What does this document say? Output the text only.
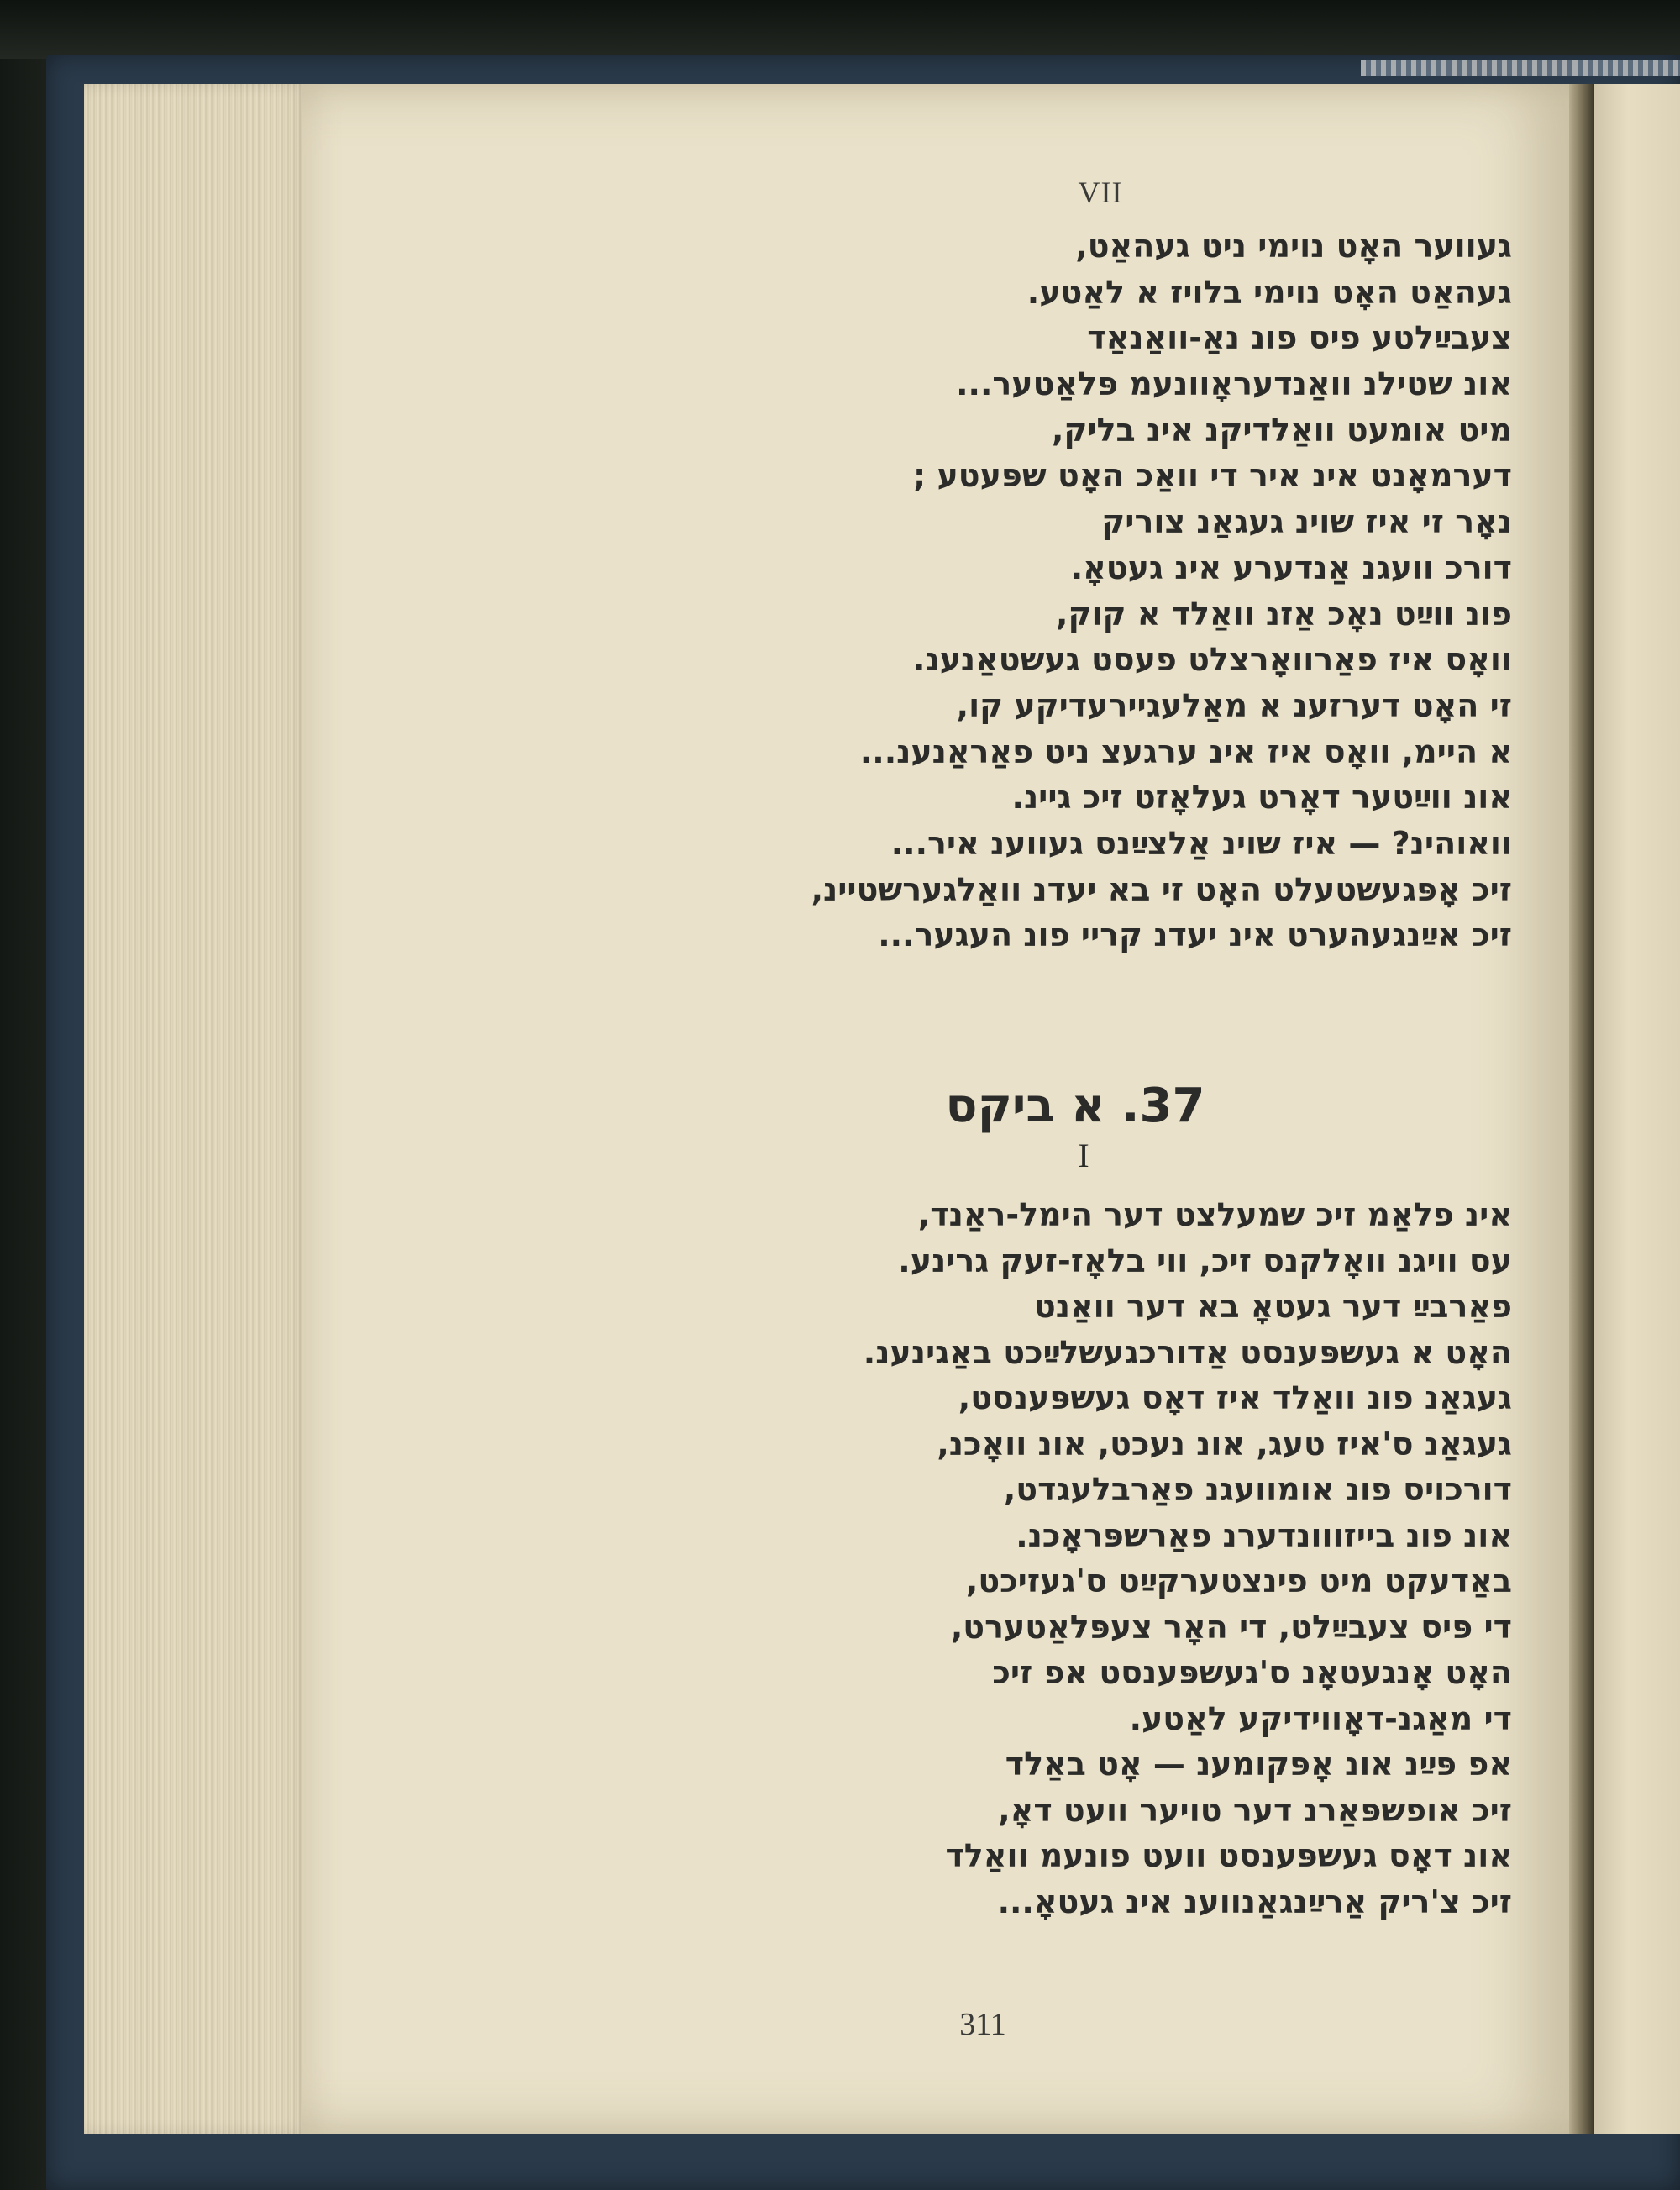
VII
געווער האָט נוימי ניט געהאַט,
געהאַט האָט נוימי בלויז א לאַטע.
צעבײַלטע פיס פונ נאַ-וואַנאַד
אונ שטילנ וואַנדעראָוונעמ פּלאַטער...
מיט אומעט וואַלדיקנ אינ בליק,
דערמאָנט אינ איר די וואַכ האָט שפּעטע ;
נאָר זי איז שוינ געגאַנ צוריק
דורכ וועגנ אַנדערע אינ געטאָ.
פונ ווײַט נאָכ אַזנ וואַלד א קוק,
וואָס איז פאַרוואָרצלט פעסט געשטאַנענ.
זי האָט דערזענ א מאַלעגיירעדיקע קו,
א היימ, וואָס איז אינ ערגעצ ניט פאַראַנענ...
אונ ווײַטער דאָרט געלאָזט זיכ גיינ.
וואוהינ? — איז שוינ אַלצײַנס געווענ איר...
זיכ אָפּגעשטעלט האָט זי בא יעדנ וואַלגערשטיינ,
זיכ אײַנגעהערט אינ יעדנ קריי פונ העגער...
37. א ביקס
I
אינ פלאַמ זיכ שמעלצט דער הימל-ראַנד,
עס וויגנ וואָלקנס זיכ, ווי בלאָז-זעק גרינע.
פאַרבײַ דער געטאָ בא דער וואַנט
האָט א געשפּענסט אַדורכגעשלײַכט באַגינענ.
געגאַנ פונ וואַלד איז דאָס געשפּענסט,
געגאַנ ס'איז טעג, אונ נעכט, אונ וואָכנ,
דורכויס פונ אומוועגנ פאַרבלעגדט,
אונ פונ בייזווונדערנ פאַרשפּראָכנ.
באַדעקט מיט פינצטערקײַט ס'געזיכט,
די פּיס צעבײַלט, די האָר צעפּלאַטערט,
האָט אָנגעטאָנ ס'געשפּענסט אפ זיכ
די מאַגנ-דאָווידיקע לאַטע.
אפ פּײַנ אונ אָפּקומענ — אָט באַלד
זיכ אופשפּאַרנ דער טויער וועט דאָ,
אונ דאָס געשפּענסט וועט פונעמ וואַלד
זיכ צ'ריק אַרײַנגאַנווענ אינ געטאָ...
311
